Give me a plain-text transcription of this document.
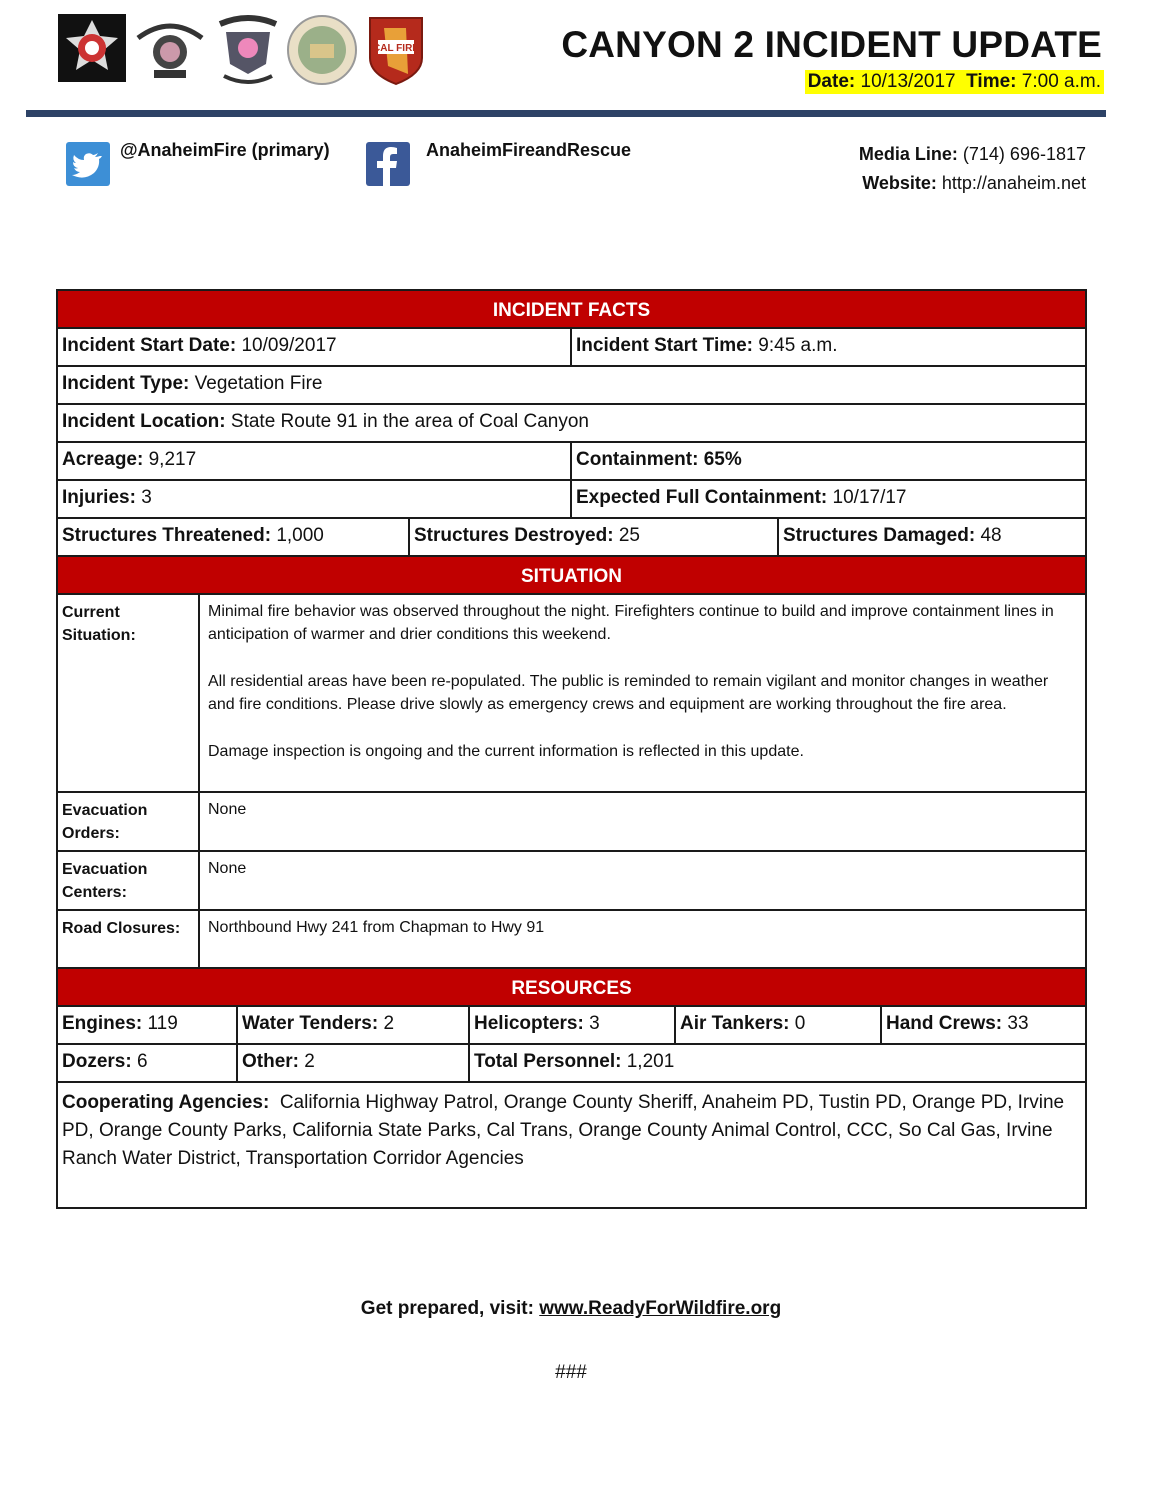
CAL FIRE	CANYON 2 INCIDENT UPDATE
Date: 10/13/2017 Time: 7:00 a.m.
@AnaheimFire (primary)	AnaheimFireandRescue	Media Line: (714) 696-1817
Website: http://anaheim.net
INCIDENT FACTS
Incident Start Date: 10/09/2017	Incident Start Time: 9:45 a.m.
Incident Type: Vegetation Fire
Incident Location: State Route 91 in the area of Coal Canyon
Acreage: 9,217	Containment: 65%
Injuries: 3	Expected Full Containment: 10/17/17
Structures Threatened: 1,000	Structures Destroyed: 25	Structures Damaged: 48
SITUATION
Current
Situation:

Minimal fire behavior was observed throughout the night. Firefighters continue to build and improve containment lines in anticipation of warmer and drier conditions this weekend.

All residential areas have been re-populated. The public is reminded to remain vigilant and monitor changes in weather and fire conditions. Please drive slowly as emergency crews and equipment are working throughout the fire area.

Damage inspection is ongoing and the current information is reflected in this update.

Evacuation
Orders:
None
Evacuation
Centers:
None
Road Closures:	Northbound Hwy 241 from Chapman to Hwy 91
RESOURCES
Engines: 119	Water Tenders: 2	Helicopters: 3	Air Tankers: 0	Hand Crews: 33
Dozers: 6	Other: 2	Total Personnel: 1,201
Cooperating Agencies: California Highway Patrol, Orange County Sheriff, Anaheim PD, Tustin PD, Orange PD, Irvine PD, Orange County Parks, California State Parks, Cal Trans, Orange County Animal Control, CCC, So Cal Gas, Irvine Ranch Water District, Transportation Corridor Agencies
Get prepared, visit: www.ReadyForWildfire.org
###
